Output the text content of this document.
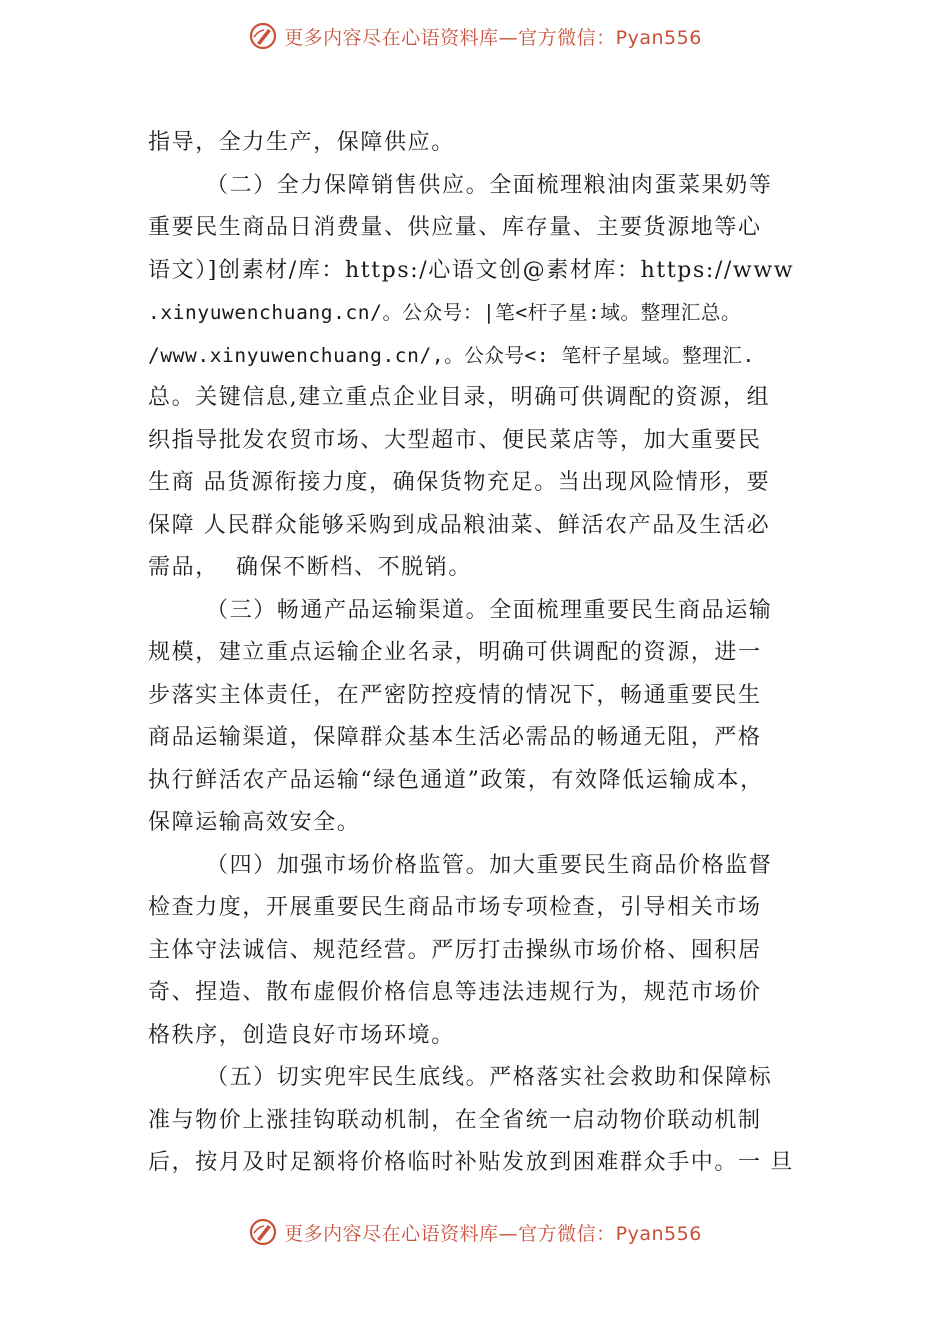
更多内容尽在心语资料库—官方微信：Pyan556
指导，全力生产，保障供应。
（二）全力保障销售供应。全面梳理粮油肉蛋菜果奶等
重要民生商品日消费量、供应量、库存量、主要货源地等心
语文）]创素材/库：https:/心语文创@素材库：https://www
.xinyuwenchuang.cn/。公众号：|笔<杆子星:域。整理汇总。
/www.xinyuwenchuang.cn/,。公众号<: 笔杆子星域。整理汇.
总。关键信息,建立重点企业目录，明确可供调配的资源，组
织指导批发农贸市场、大型超市、便民菜店等，加大重要民
生商 品货源衔接力度，确保货物充足。当出现风险情形，要
保障 人民群众能够采购到成品粮油菜、鲜活农产品及生活必
需品，  确保不断档、不脱销。
（三）畅通产品运输渠道。全面梳理重要民生商品运输
规模，建立重点运输企业名录，明确可供调配的资源，进一
步落实主体责任，在严密防控疫情的情况下，畅通重要民生
商品运输渠道，保障群众基本生活必需品的畅通无阻，严格
执行鲜活农产品运输“绿色通道”政策，有效降低运输成本，
保障运输高效安全。
（四）加强市场价格监管。加大重要民生商品价格监督
检查力度，开展重要民生商品市场专项检查，引导相关市场
主体守法诚信、规范经营。严厉打击操纵市场价格、囤积居
奇、捏造、散布虚假价格信息等违法违规行为，规范市场价
格秩序，创造良好市场环境。
（五）切实兜牢民生底线。严格落实社会救助和保障标
准与物价上涨挂钩联动机制，在全省统一启动物价联动机制
后，按月及时足额将价格临时补贴发放到困难群众手中。一 旦
更多内容尽在心语资料库—官方微信：Pyan556
